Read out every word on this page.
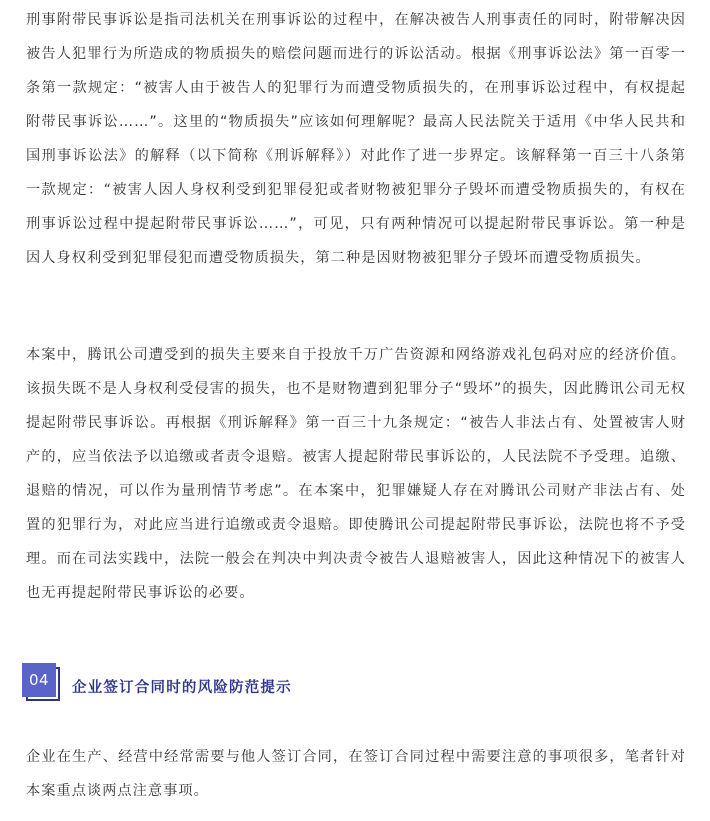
刑事附带民事诉讼是指司法机关在刑事诉讼的过程中，在解决被告人刑事责任的同时，附带解决因被告人犯罪行为所造成的物质损失的赔偿问题而进行的诉讼活动。根据《刑事诉讼法》第一百零一条第一款规定：“被害人由于被告人的犯罪行为而遭受物质损失的，在刑事诉讼过程中，有权提起附带民事诉讼……”。这里的“物质损失”应该如何理解呢？最高人民法院关于适用《中华人民共和国刑事诉讼法》的解释（以下简称《刑诉解释》）对此作了进一步界定。该解释第一百三十八条第一款规定：“被害人因人身权利受到犯罪侵犯或者财物被犯罪分子毁坏而遭受物质损失的，有权在刑事诉讼过程中提起附带民事诉讼……”，可见，只有两种情况可以提起附带民事诉讼。第一种是因人身权利受到犯罪侵犯而遭受物质损失，第二种是因财物被犯罪分子毁坏而遭受物质损失。

本案中，腾讯公司遭受到的损失主要来自于投放千万广告资源和网络游戏礼包码对应的经济价值。该损失既不是人身权利受侵害的损失，也不是财物遭到犯罪分子“毁坏”的损失，因此腾讯公司无权提起附带民事诉讼。再根据《刑诉解释》第一百三十九条规定：“被告人非法占有、处置被害人财产的，应当依法予以追缴或者责令退赔。被害人提起附带民事诉讼的，人民法院不予受理。追缴、退赔的情况，可以作为量刑情节考虑”。在本案中，犯罪嫌疑人存在对腾讯公司财产非法占有、处置的犯罪行为，对此应当进行追缴或责令退赔。即使腾讯公司提起附带民事诉讼，法院也将不予受理。而在司法实践中，法院一般会在判决中判决责令被告人退赔被害人，因此这种情况下的被害人也无再提起附带民事诉讼的必要。

04	企业签订合同时的风险防范提示

企业在生产、经营中经常需要与他人签订合同，在签订合同过程中需要注意的事项很多，笔者针对本案重点谈两点注意事项。
